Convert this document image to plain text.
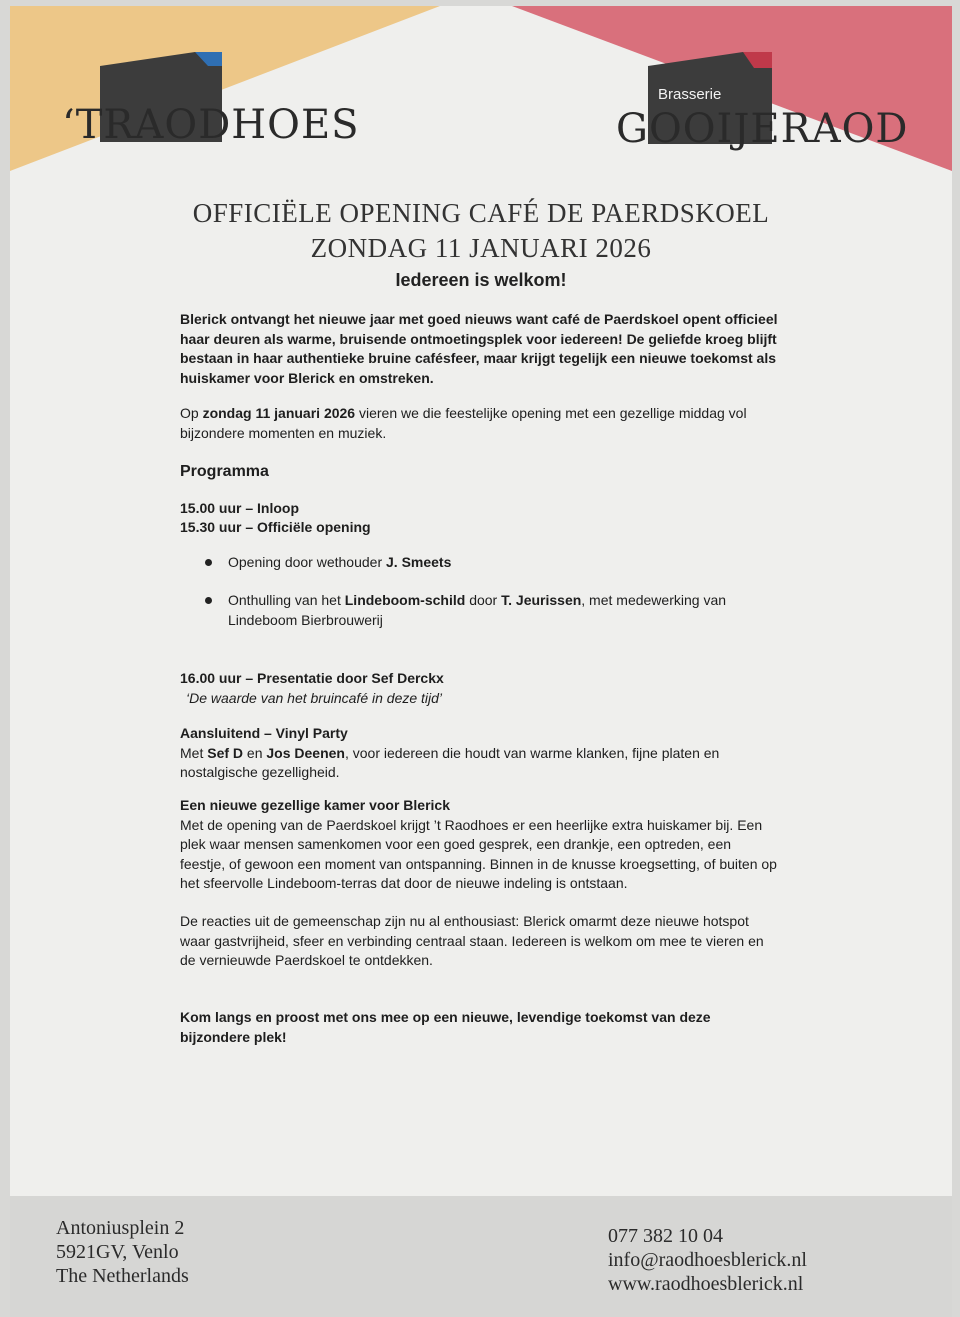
‘TRAODHOES
Brasserie
GOOIJERAOD
OFFICIËLE OPENING CAFÉ DE PAERDSKOEL
ZONDAG 11 JANUARI 2026
Iedereen is welkom!

Blerick ontvangt het nieuwe jaar met goed nieuws want café de Paerdskoel opent officieel haar deuren als warme, bruisende ontmoetingsplek voor iedereen! De geliefde kroeg blijft bestaan in haar authentieke bruine cafésfeer, maar krijgt tegelijk een nieuwe toekomst als huiskamer voor Blerick en omstreken.

Op zondag 11 januari 2026 vieren we die feestelijke opening met een gezellige middag vol bijzondere momenten en muziek.

Programma

15.00 uur – Inloop

15.30 uur – Officiële opening

Opening door wethouder J. Smeets
Onthulling van het Lindeboom-schild door T. Jeurissen, met medewerking van Lindeboom Bierbrouwerij

16.00 uur – Presentatie door Sef Derckx

‘De waarde van het bruincafé in deze tijd’

Aansluitend – Vinyl Party

Met Sef D en Jos Deenen, voor iedereen die houdt van warme klanken, fijne platen en nostalgische gezelligheid.

Een nieuwe gezellige kamer voor Blerick

Met de opening van de Paerdskoel krijgt ’t Raodhoes er een heerlijke extra huiskamer bij. Een plek waar mensen samenkomen voor een goed gesprek, een drankje, een optreden, een feestje, of gewoon een moment van ontspanning. Binnen in de knusse kroegsetting, of buiten op het sfeervolle Lindeboom-terras dat door de nieuwe indeling is ontstaan.

De reacties uit de gemeenschap zijn nu al enthousiast: Blerick omarmt deze nieuwe hotspot waar gastvrijheid, sfeer en verbinding centraal staan. Iedereen is welkom om mee te vieren en de vernieuwde Paerdskoel te ontdekken.

Kom langs en proost met ons mee op een nieuwe, levendige toekomst van deze bijzondere plek!

Antoniusplein 2
5921GV, Venlo
The Netherlands
077 382 10 04
info@raodhoesblerick.nl
www.raodhoesblerick.nl
